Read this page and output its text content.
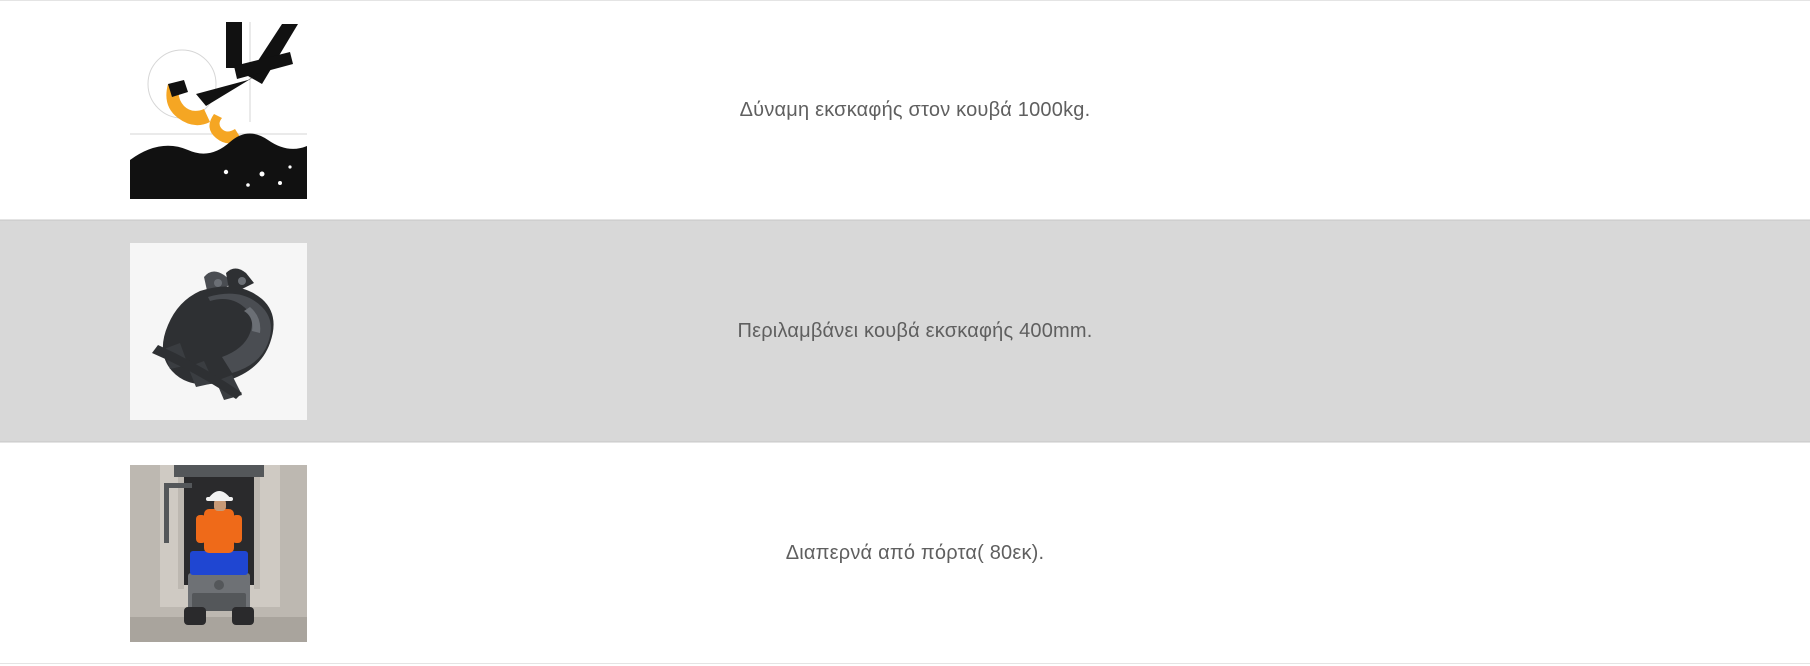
Δύναμη εκσκαφής στον κουβά 1000kg.
Περιλαμβάνει κουβά εκσκαφής 400mm.
Διαπερνά από πόρτα( 80εκ).
